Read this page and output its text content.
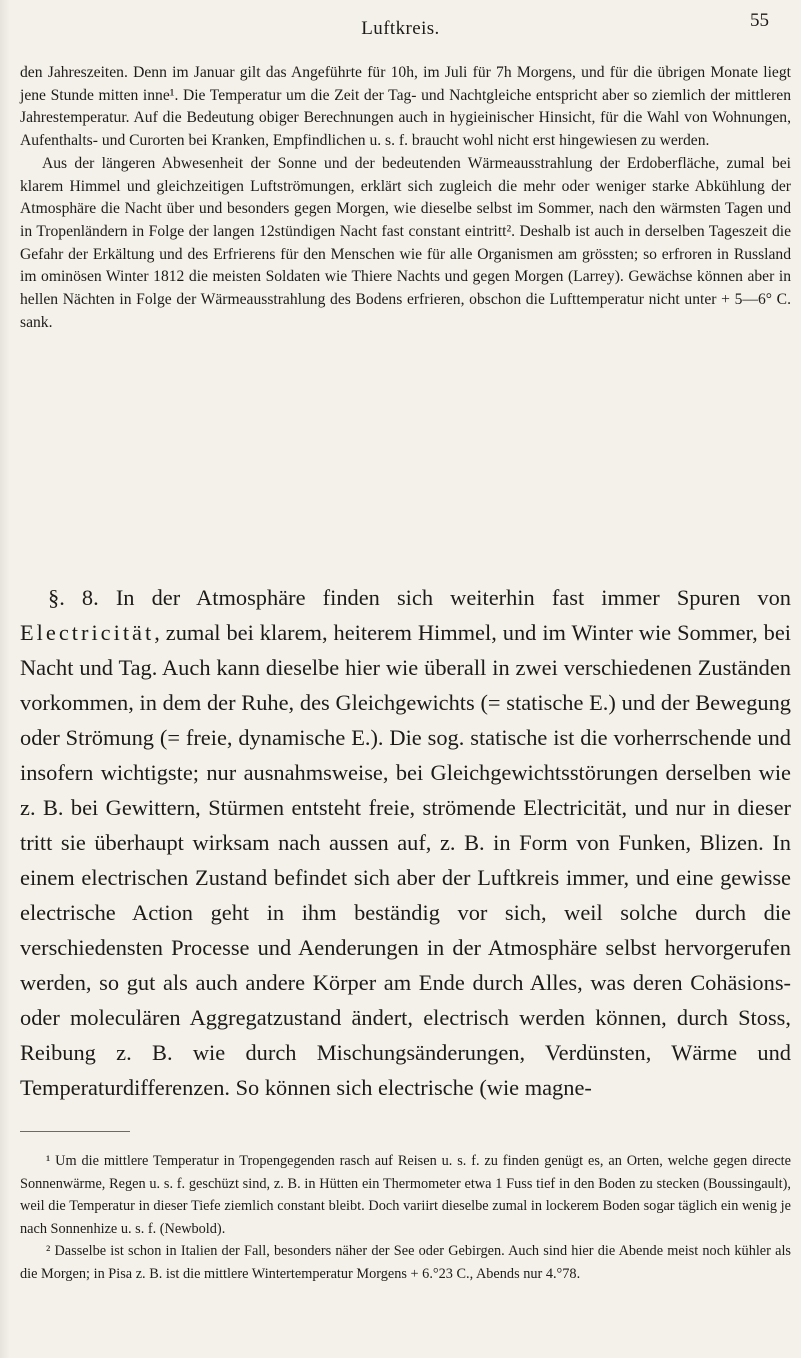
Luftkreis.	55

den Jahreszeiten. Denn im Januar gilt das Angeführte für 10h, im Juli für 7h Morgens, und für die übrigen Monate liegt jene Stunde mitten inne¹. Die Temperatur um die Zeit der Tag- und Nachtgleiche entspricht aber so ziemlich der mittleren Jahrestemperatur. Auf die Bedeutung obiger Berechnungen auch in hygieinischer Hinsicht, für die Wahl von Wohnungen, Aufenthalts- und Curorten bei Kranken, Empfindlichen u. s. f. braucht wohl nicht erst hingewiesen zu werden.

Aus der längeren Abwesenheit der Sonne und der bedeutenden Wärmeausstrahlung der Erdoberfläche, zumal bei klarem Himmel und gleichzeitigen Luftströmungen, erklärt sich zugleich die mehr oder weniger starke Abkühlung der Atmosphäre die Nacht über und besonders gegen Morgen, wie dieselbe selbst im Sommer, nach den wärmsten Tagen und in Tropenländern in Folge der langen 12stündigen Nacht fast constant eintritt². Deshalb ist auch in derselben Tageszeit die Gefahr der Erkältung und des Erfrierens für den Menschen wie für alle Organismen am grössten; so erfroren in Russland im ominösen Winter 1812 die meisten Soldaten wie Thiere Nachts und gegen Morgen (Larrey). Gewächse können aber in hellen Nächten in Folge der Wärmeausstrahlung des Bodens erfrieren, obschon die Lufttemperatur nicht unter + 5—6° C. sank.

§. 8. In der Atmosphäre finden sich weiterhin fast immer Spuren von Electricität, zumal bei klarem, heiterem Himmel, und im Winter wie Sommer, bei Nacht und Tag. Auch kann dieselbe hier wie überall in zwei verschiedenen Zuständen vorkommen, in dem der Ruhe, des Gleichgewichts (= statische E.) und der Bewegung oder Strömung (= freie, dynamische E.). Die sog. statische ist die vorherrschende und insofern wichtigste; nur ausnahmsweise, bei Gleichgewichtsstörungen derselben wie z. B. bei Gewittern, Stürmen entsteht freie, strömende Electricität, und nur in dieser tritt sie überhaupt wirksam nach aussen auf, z. B. in Form von Funken, Blizen. In einem electrischen Zustand befindet sich aber der Luftkreis immer, und eine gewisse electrische Action geht in ihm beständig vor sich, weil solche durch die verschiedensten Processe und Aenderungen in der Atmosphäre selbst hervorgerufen werden, so gut als auch andere Körper am Ende durch Alles, was deren Cohäsions- oder moleculären Aggregatzustand ändert, electrisch werden können, durch Stoss, Reibung z. B. wie durch Mischungsänderungen, Verdünsten, Wärme und Temperaturdifferenzen. So können sich electrische (wie magne-

¹ Um die mittlere Temperatur in Tropengegenden rasch auf Reisen u. s. f. zu finden genügt es, an Orten, welche gegen directe Sonnenwärme, Regen u. s. f. geschüzt sind, z. B. in Hütten ein Thermometer etwa 1 Fuss tief in den Boden zu stecken (Boussingault), weil die Temperatur in dieser Tiefe ziemlich constant bleibt. Doch variirt dieselbe zumal in lockerem Boden sogar täglich ein wenig je nach Sonnenhize u. s. f. (Newbold).

² Dasselbe ist schon in Italien der Fall, besonders näher der See oder Gebirgen. Auch sind hier die Abende meist noch kühler als die Morgen; in Pisa z. B. ist die mittlere Wintertemperatur Morgens + 6.°23 C., Abends nur 4.°78.
